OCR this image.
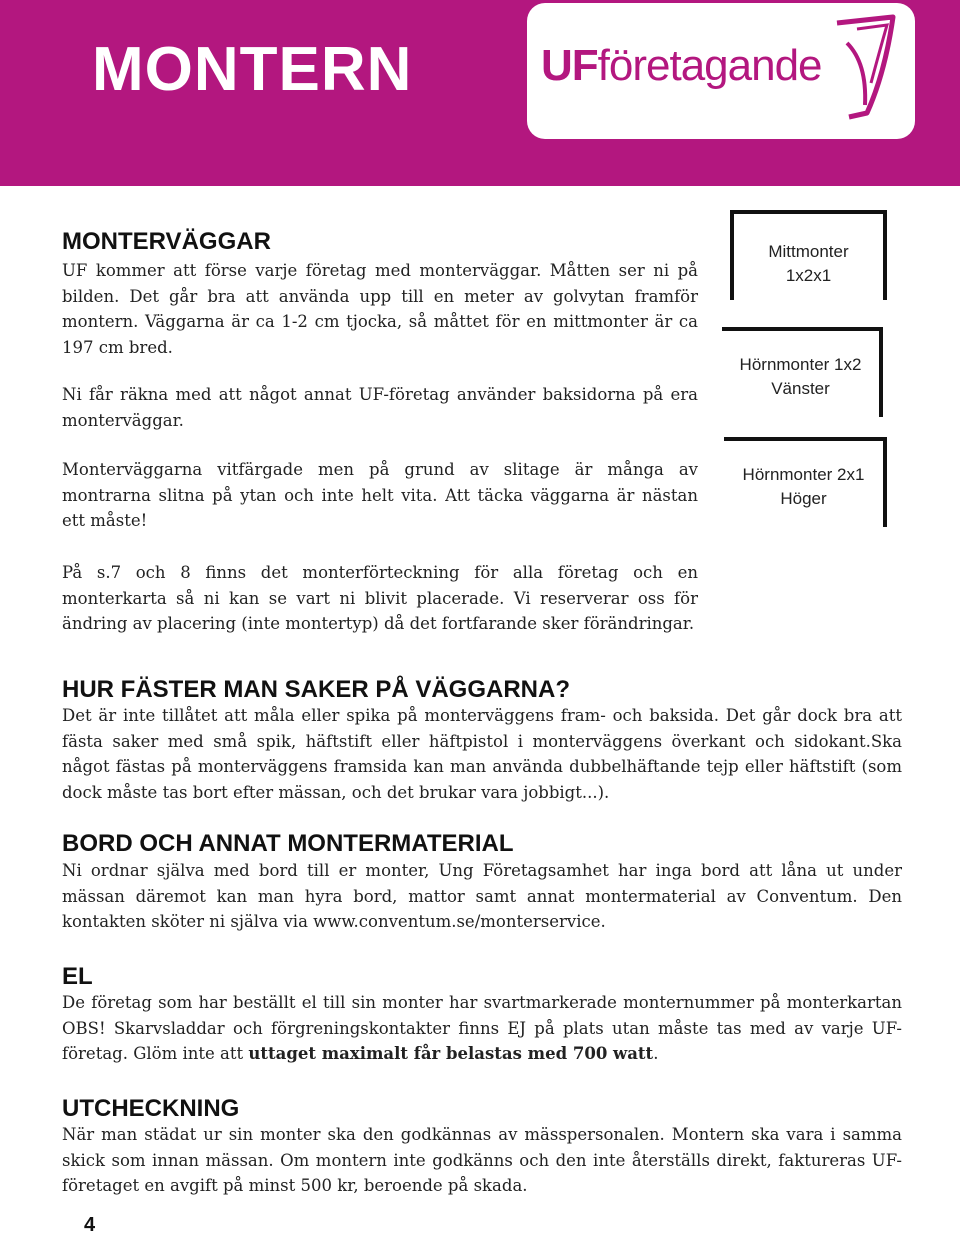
MONTERN	UFföretagande
MONTERVÄGGAR

UF kommer att förse varje företag med monterväggar. Måtten ser ni på bilden. Det går bra att använda upp till en meter av golvytan framför montern. Väggarna är ca 1-2 cm tjocka, så måttet för en mittmonter är ca 197 cm bred.

Ni får räkna med att något annat UF-företag använder baksidorna på era monterväggar.

Monterväggarna vitfärgade men på grund av slitage är många av montrarna slitna på ytan och inte helt vita. Att täcka väggarna är nästan ett måste!

På s.7 och 8 finns det monterförteckning för alla företag och en monterkarta så ni kan se vart ni blivit placerade. Vi reserverar oss för ändring av placering (inte montertyp) då det fortfarande sker förändringar.

Mittmonter
1x2x1
Hörnmonter 1x2
Vänster
Hörnmonter 2x1
Höger
HUR FÄSTER MAN SAKER PÅ VÄGGARNA?

Det är inte tillåtet att måla eller spika på monterväggens fram- och baksida. Det går dock bra att fästa saker med små spik, häftstift eller häftpistol i monterväggens överkant och sidokant.Ska något fästas på monterväggens framsida kan man använda dubbelhäftande tejp eller häftstift (som dock måste tas bort efter mässan, och det brukar vara jobbigt...).

BORD OCH ANNAT MONTERMATERIAL

Ni ordnar själva med bord till er monter, Ung Företagsamhet har inga bord att låna ut under mässan däremot kan man hyra bord, mattor samt annat montermaterial av Conventum. Den kontakten sköter ni själva via www.conventum.se/monterservice.

EL

De företag som har beställt el till sin monter har svartmarkerade monternummer på monterkartan OBS! Skarvsladdar och förgreningskontakter finns EJ på plats utan måste tas med av varje UF-företag. Glöm inte att uttaget maximalt får belastas med 700 watt.

UTCHECKNING

När man städat ur sin monter ska den godkännas av mässpersonalen. Montern ska vara i samma skick som innan mässan. Om montern inte godkänns och den inte återställs direkt, faktureras UF-företaget en avgift på minst 500 kr, beroende på skada.

4
